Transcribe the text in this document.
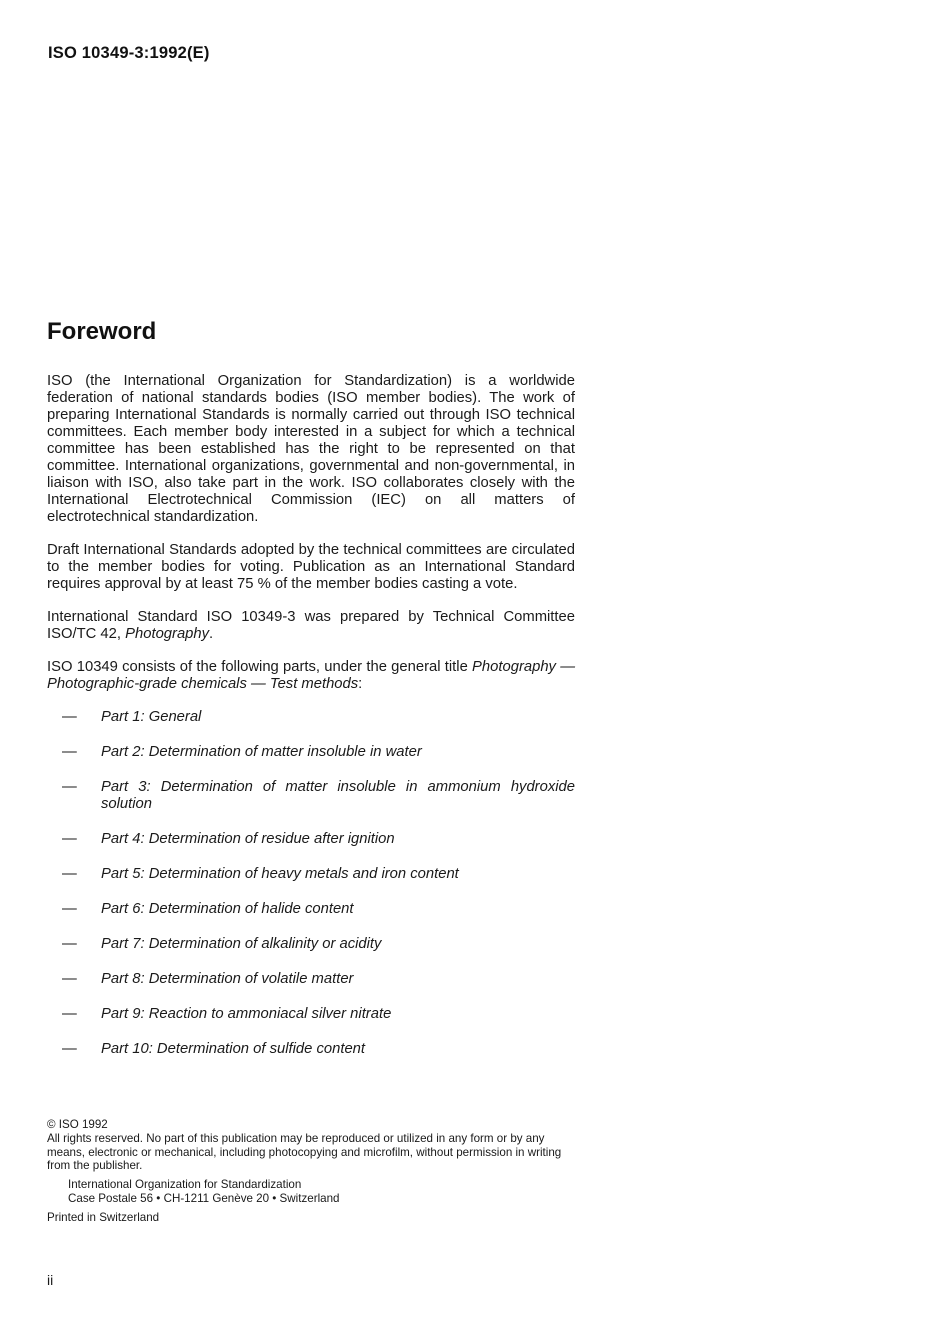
ISO 10349-3:1992(E)
Foreword

ISO (the International Organization for Standardization) is a worldwide federation of national standards bodies (ISO member bodies). The work of preparing International Standards is normally carried out through ISO technical committees. Each member body interested in a subject for which a technical committee has been established has the right to be represented on that committee. International organizations, governmental and non-governmental, in liaison with ISO, also take part in the work. ISO collaborates closely with the International Electrotechnical Commission (IEC) on all matters of electrotechnical standardization.

Draft International Standards adopted by the technical committees are circulated to the member bodies for voting. Publication as an International Standard requires approval by at least 75 % of the member bodies casting a vote.

International Standard ISO 10349-3 was prepared by Technical Committee ISO/TC 42, Photography.

ISO 10349 consists of the following parts, under the general title Photography — Photographic-grade chemicals — Test methods:

— Part 1: General
— Part 2: Determination of matter insoluble in water
— Part 3: Determination of matter insoluble in ammonium hydroxide solution
— Part 4: Determination of residue after ignition
— Part 5: Determination of heavy metals and iron content
— Part 6: Determination of halide content
— Part 7: Determination of alkalinity or acidity
— Part 8: Determination of volatile matter
— Part 9: Reaction to ammoniacal silver nitrate
— Part 10: Determination of sulfide content

© ISO 1992

All rights reserved. No part of this publication may be reproduced or utilized in any form or by any means, electronic or mechanical, including photocopying and microfilm, without permission in writing from the publisher.

International Organization for Standardization

Case Postale 56 • CH-1211 Genève 20 • Switzerland

Printed in Switzerland

ii
